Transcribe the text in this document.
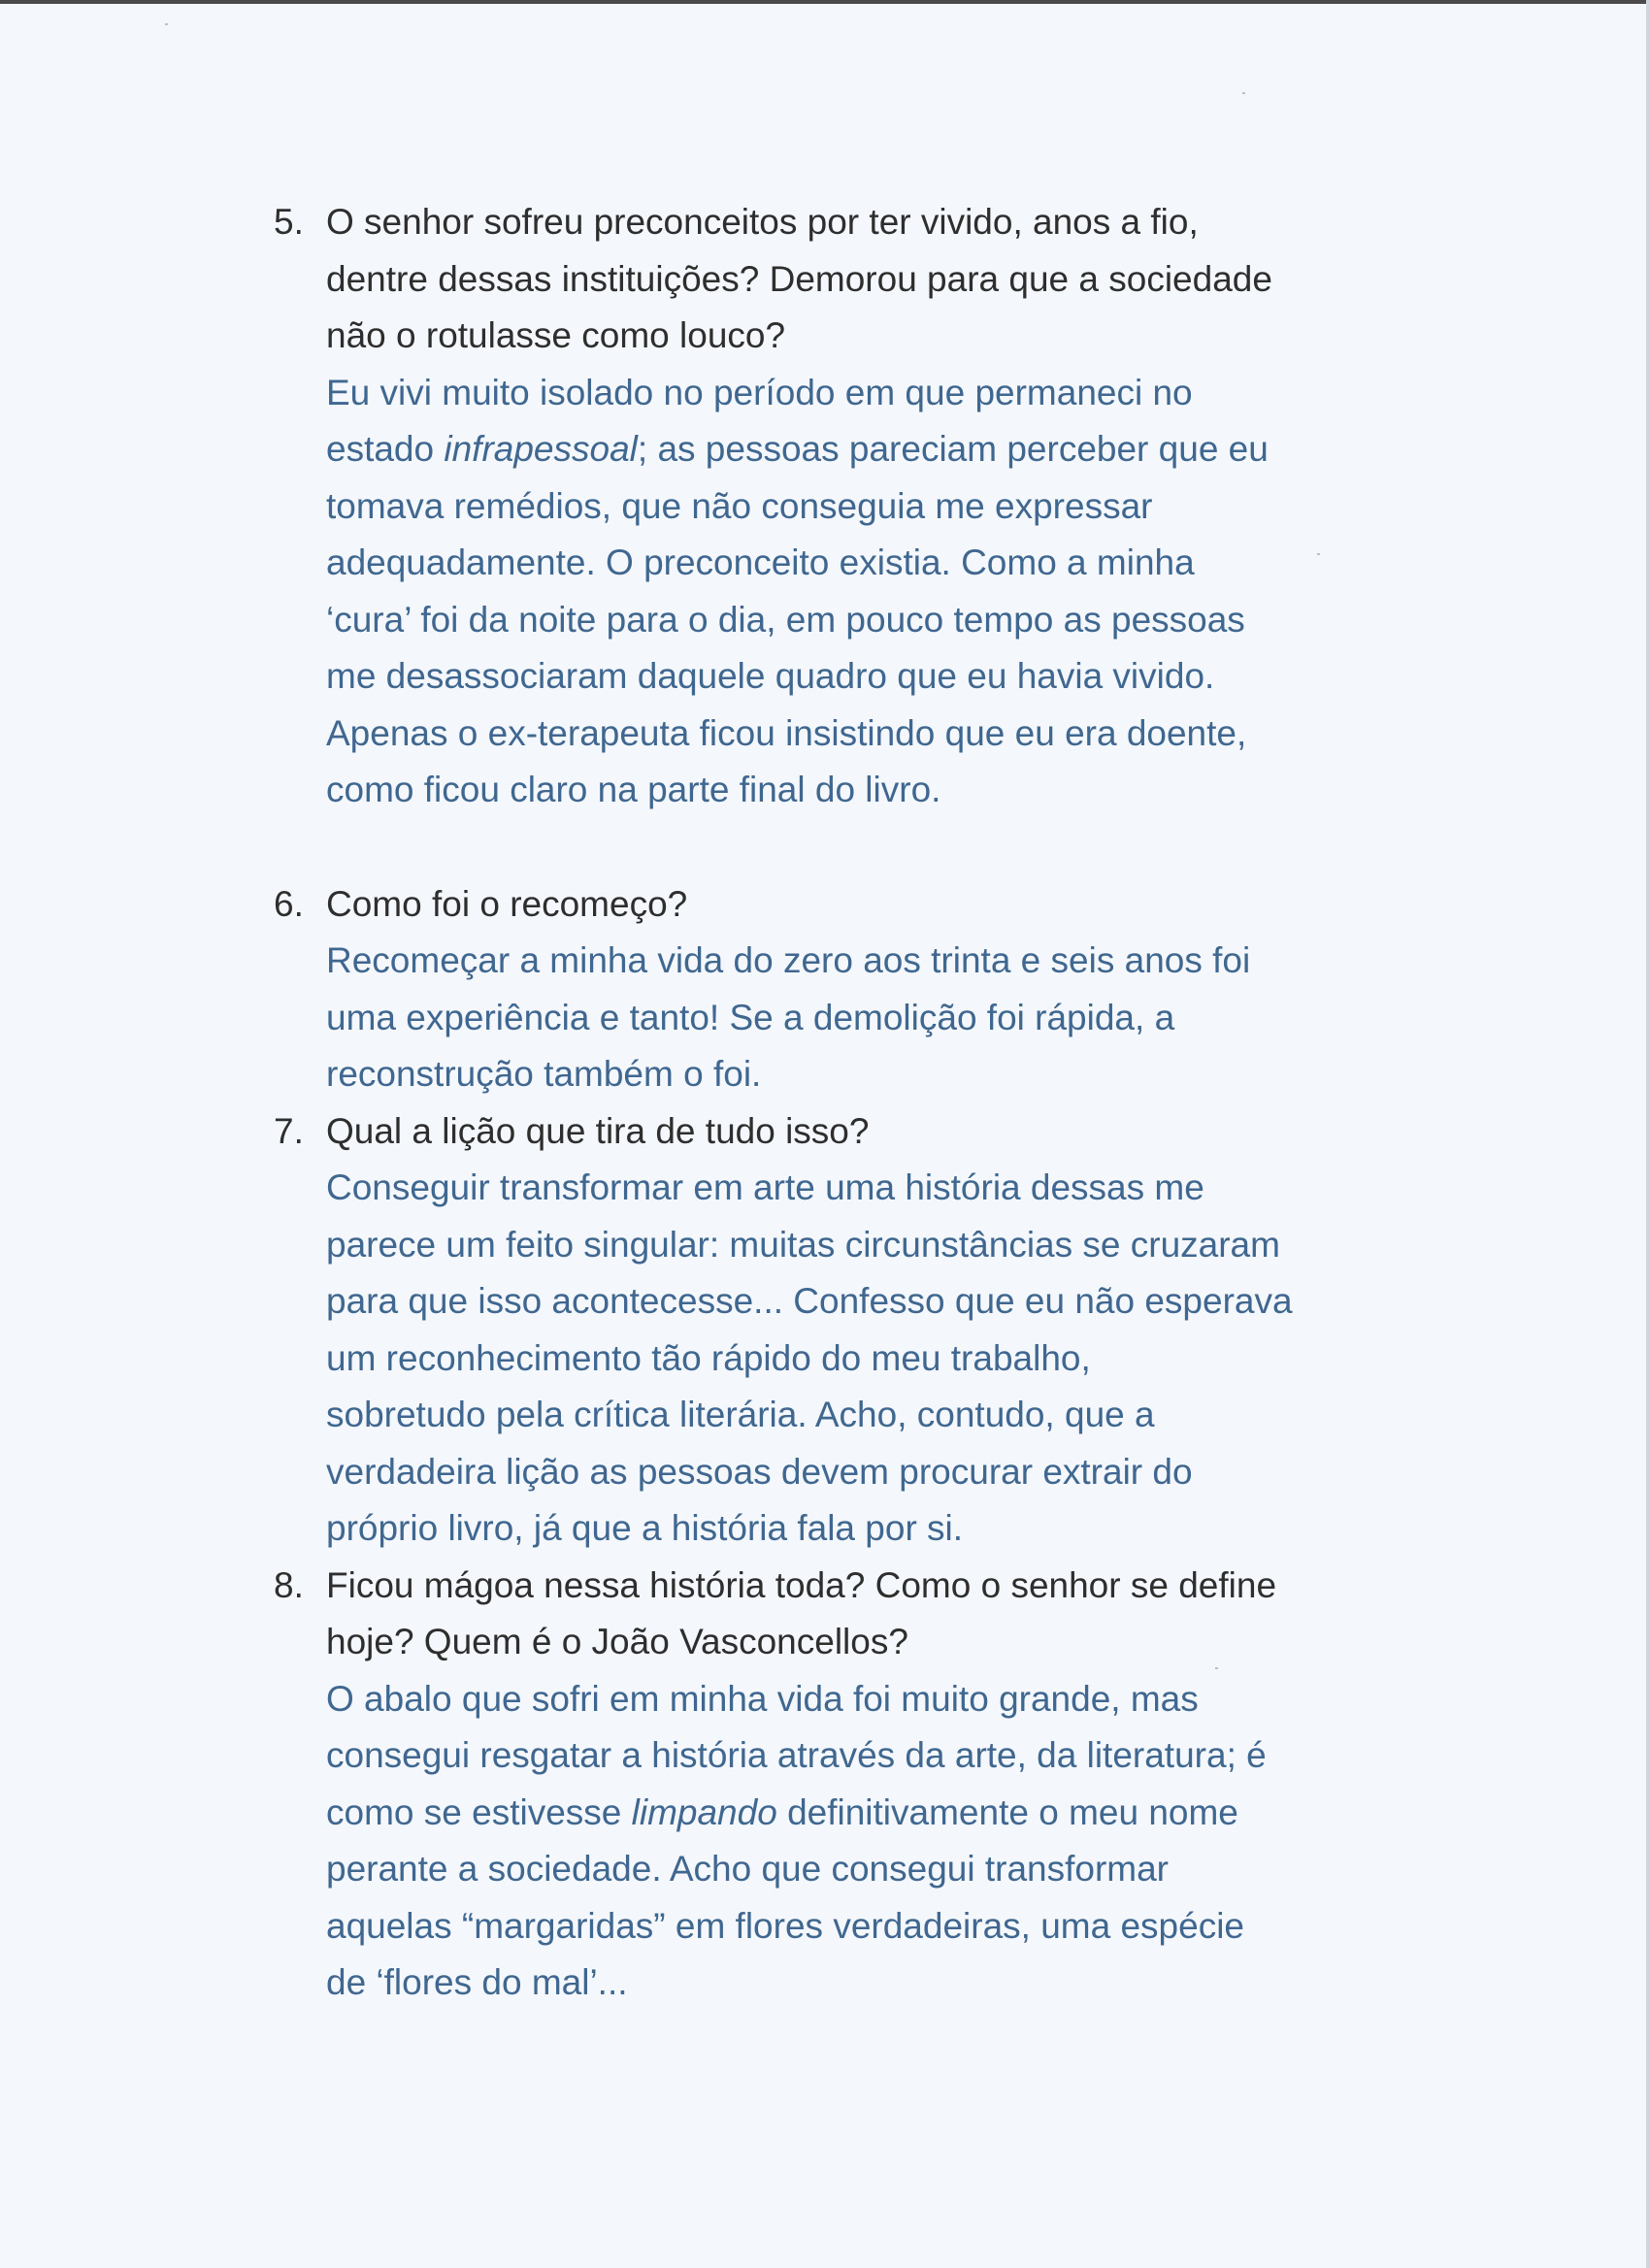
5. O senhor sofreu preconceitos por ter vivido, anos a fio,

dentre dessas instituições? Demorou para que a sociedade

não o rotulasse como louco?

Eu vivi muito isolado no período em que permaneci no

estado infrapessoal; as pessoas pareciam perceber que eu

tomava remédios, que não conseguia me expressar

adequadamente. O preconceito existia. Como a minha

‘cura’ foi da noite para o dia, em pouco tempo as pessoas

me desassociaram daquele quadro que eu havia vivido.

Apenas o ex-terapeuta ficou insistindo que eu era doente,

como ficou claro na parte final do livro.

6. Como foi o recomeço?

Recomeçar a minha vida do zero aos trinta e seis anos foi

uma experiência e tanto! Se a demolição foi rápida, a

reconstrução também o foi.

7. Qual a lição que tira de tudo isso?

Conseguir transformar em arte uma história dessas me

parece um feito singular: muitas circunstâncias se cruzaram

para que isso acontecesse... Confesso que eu não esperava

um reconhecimento tão rápido do meu trabalho,

sobretudo pela crítica literária. Acho, contudo, que a

verdadeira lição as pessoas devem procurar extrair do

próprio livro, já que a história fala por si.

8. Ficou mágoa nessa história toda? Como o senhor se define

hoje? Quem é o João Vasconcellos?

O abalo que sofri em minha vida foi muito grande, mas

consegui resgatar a história através da arte, da literatura; é

como se estivesse limpando definitivamente o meu nome

perante a sociedade. Acho que consegui transformar

aquelas “margaridas” em flores verdadeiras, uma espécie

de ‘flores do mal’...
